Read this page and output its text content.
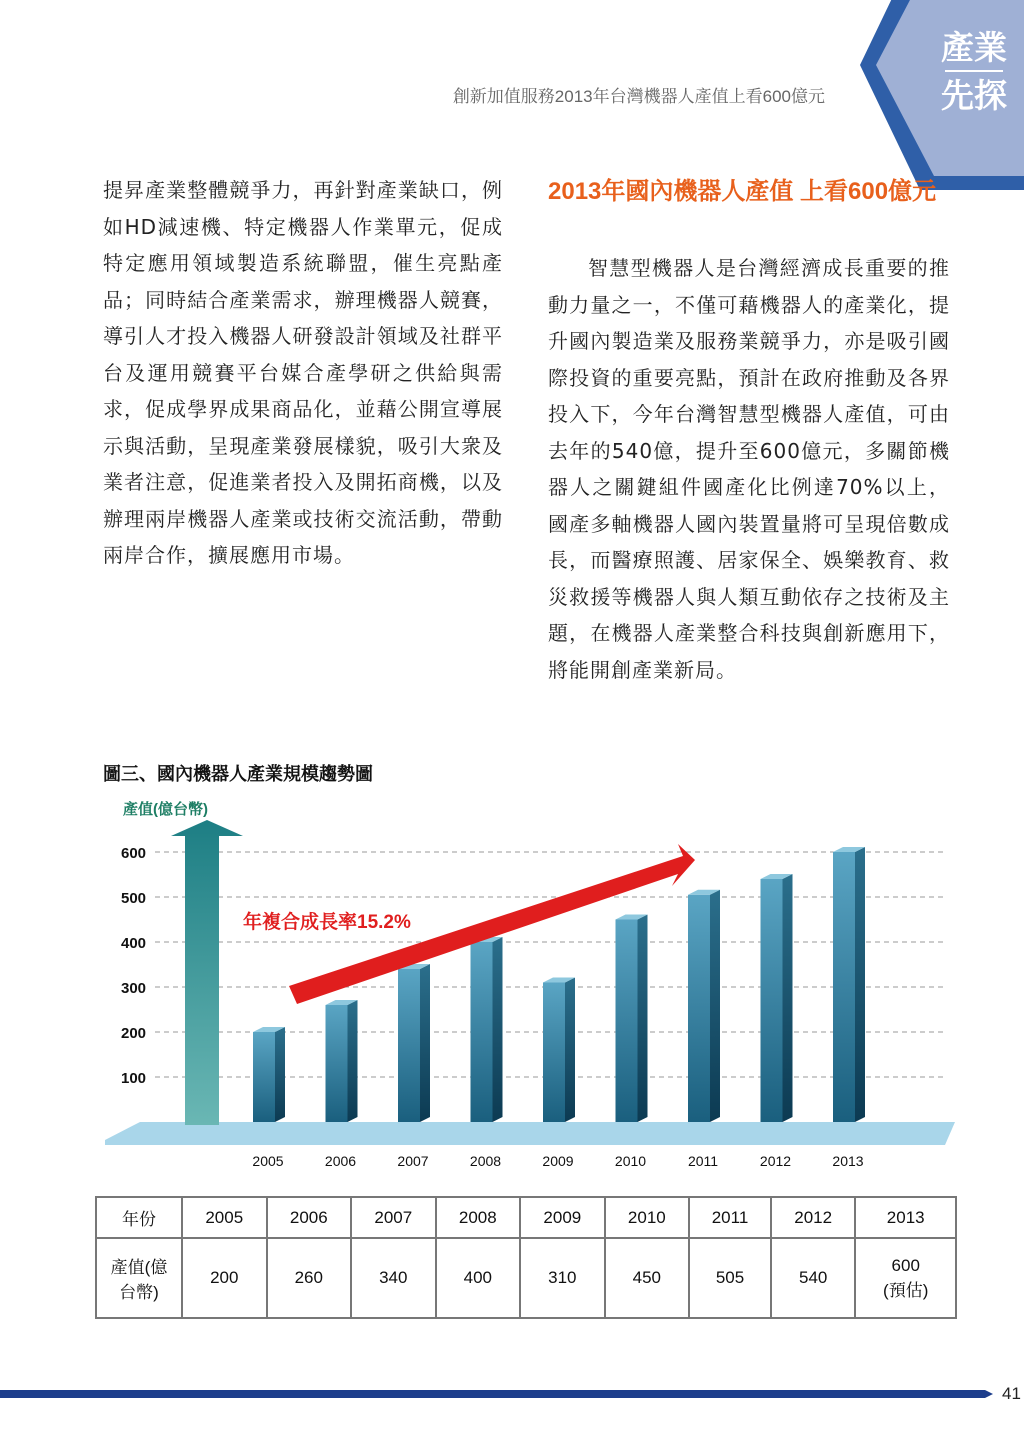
產業
先探
創新加值服務2013年台灣機器人產值上看600億元

提昇產業整體競爭力，再針對產業缺口，例如HD減速機、特定機器人作業單元，促成特定應用領域製造系統聯盟，催生亮點產品；同時結合產業需求，辦理機器人競賽，導引人才投入機器人研發設計領域及社群平台及運用競賽平台媒合產學研之供給與需求，促成學界成果商品化，並藉公開宣導展示與活動，呈現產業發展樣貌，吸引大衆及業者注意，促進業者投入及開拓商機，以及辦理兩岸機器人產業或技術交流活動，帶動兩岸合作，擴展應用市場。

2013年國內機器人產值 上看600億元

智慧型機器人是台灣經濟成長重要的推動力量之一，不僅可藉機器人的產業化，提升國內製造業及服務業競爭力，亦是吸引國際投資的重要亮點，預計在政府推動及各界投入下，今年台灣智慧型機器人產值，可由去年的540億，提升至600億元，多關節機器人之關鍵組件國產化比例達70%以上，國產多軸機器人國內裝置量將可呈現倍數成長，而醫療照護、居家保全、娛樂教育、救災救援等機器人與人類互動依存之技術及主題，在機器人產業整合科技與創新應用下，將能開創產業新局。

圖三、國內機器人產業規模趨勢圖
產值(億台幣)
100
200
300
400
500
600
2005	2006	2007	2008	2009	2010	2011	2012	2013
年複合成長率15.2%
年份	2005	2006	2007	2008	2009	2010	2011	2012	2013
產值(億台幣)	200	260	340	400	310	450	505	540	600
(預估)
41
